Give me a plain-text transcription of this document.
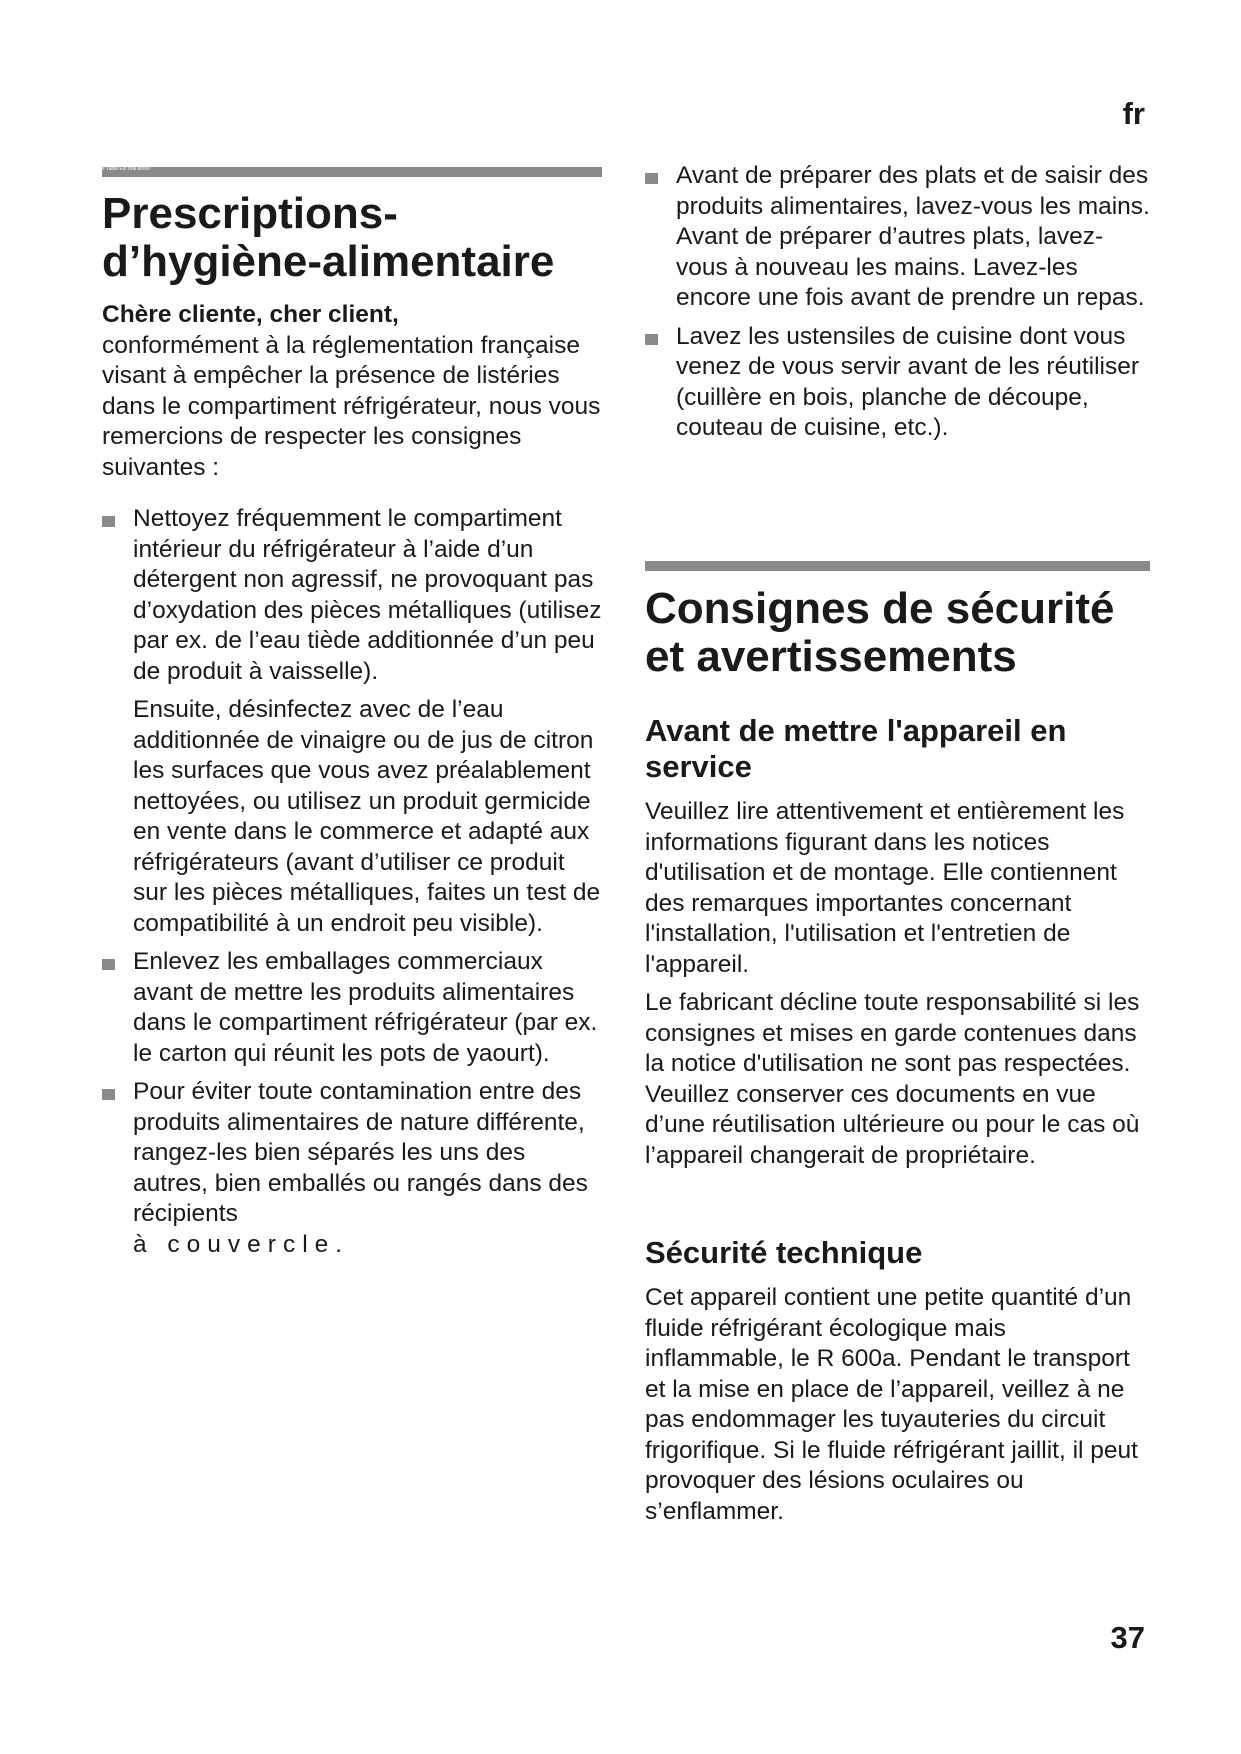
fr
# Table Ein mal eins®
Prescriptions-
d’hygiène-alimentaire

Chère cliente, cher client,

conformément à la réglementation française visant à empêcher la présence de listéries dans le compartiment réfrigérateur, nous vous remercions de respecter les consignes suivantes :

Nettoyez fréquemment le compartiment intérieur du réfrigérateur à l’aide d’un détergent non agressif, ne provoquant pas d’oxydation des pièces métalliques (utilisez par ex. de l’eau tiède additionnée d’un peu de produit à vaisselle).
Ensuite, désinfectez avec de l’eau additionnée de vinaigre ou de jus de citron les surfaces que vous avez préalablement nettoyées, ou utilisez un produit germicide en vente dans le commerce et adapté aux réfrigérateurs (avant d’utiliser ce produit sur les pièces métalliques, faites un test de compatibilité à un endroit peu visible).
Enlevez les emballages commerciaux avant de mettre les produits alimentaires dans le compartiment réfrigérateur (par ex. le carton qui réunit les pots de yaourt).
Pour éviter toute contamination entre des produits alimentaires de nature différente, rangez-les bien séparés les uns des autres, bien emballés ou rangés dans des récipients
à couvercle.
Avant de préparer des plats et de saisir des produits alimentaires, lavez-vous les mains. Avant de préparer d’autres plats, lavez-vous à nouveau les mains. Lavez-les encore une fois avant de prendre un repas.
Lavez les ustensiles de cuisine dont vous venez de vous servir avant de les réutiliser (cuillère en bois, planche de découpe, couteau de cuisine, etc.).
Consignes de sécurité et avertissements
Avant de mettre l'appareil en service

Veuillez lire attentivement et entièrement les informations figurant dans les notices d'utilisation et de montage. Elle contiennent des remarques importantes concernant l'installation, l'utilisation et l'entretien de l'appareil.

Le fabricant décline toute responsabilité si les consignes et mises en garde contenues dans la notice d'utilisation ne sont pas respectées. Veuillez conserver ces documents en vue d’une réutilisation ultérieure ou pour le cas où l’appareil changerait de propriétaire.

Sécurité technique

Cet appareil contient une petite quantité d’un fluide réfrigérant écologique mais inflammable, le R 600a. Pendant le transport et la mise en place de l’appareil, veillez à ne pas endommager les tuyauteries du circuit frigorifique. Si le fluide réfrigérant jaillit, il peut provoquer des lésions oculaires ou s’enflammer.

37
